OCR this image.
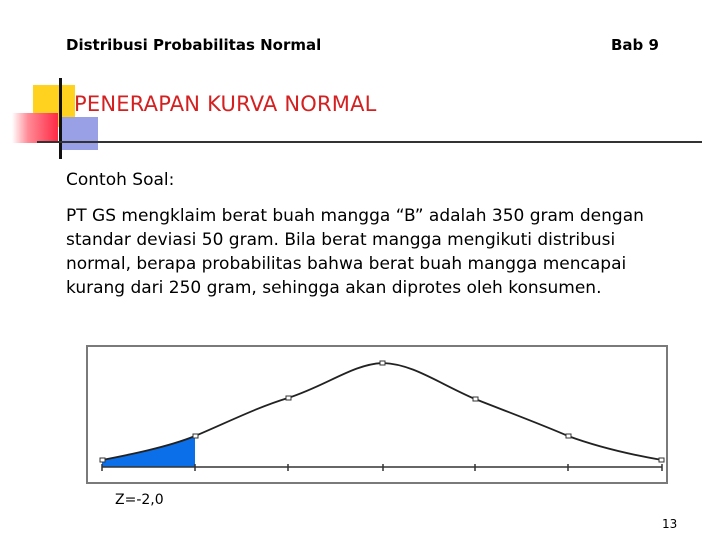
Distribusi Probabilitas Normal	Bab 9
PENERAPAN KURVA NORMAL
Contoh Soal:
PT GS mengklaim berat buah mangga “B” adalah 350 gram dengan standar deviasi 50 gram. Bila berat mangga mengikuti distribusi normal, berapa probabilitas bahwa berat buah mangga mencapai kurang dari 250 gram, sehingga akan diprotes oleh konsumen.
Z=-2,0
13
